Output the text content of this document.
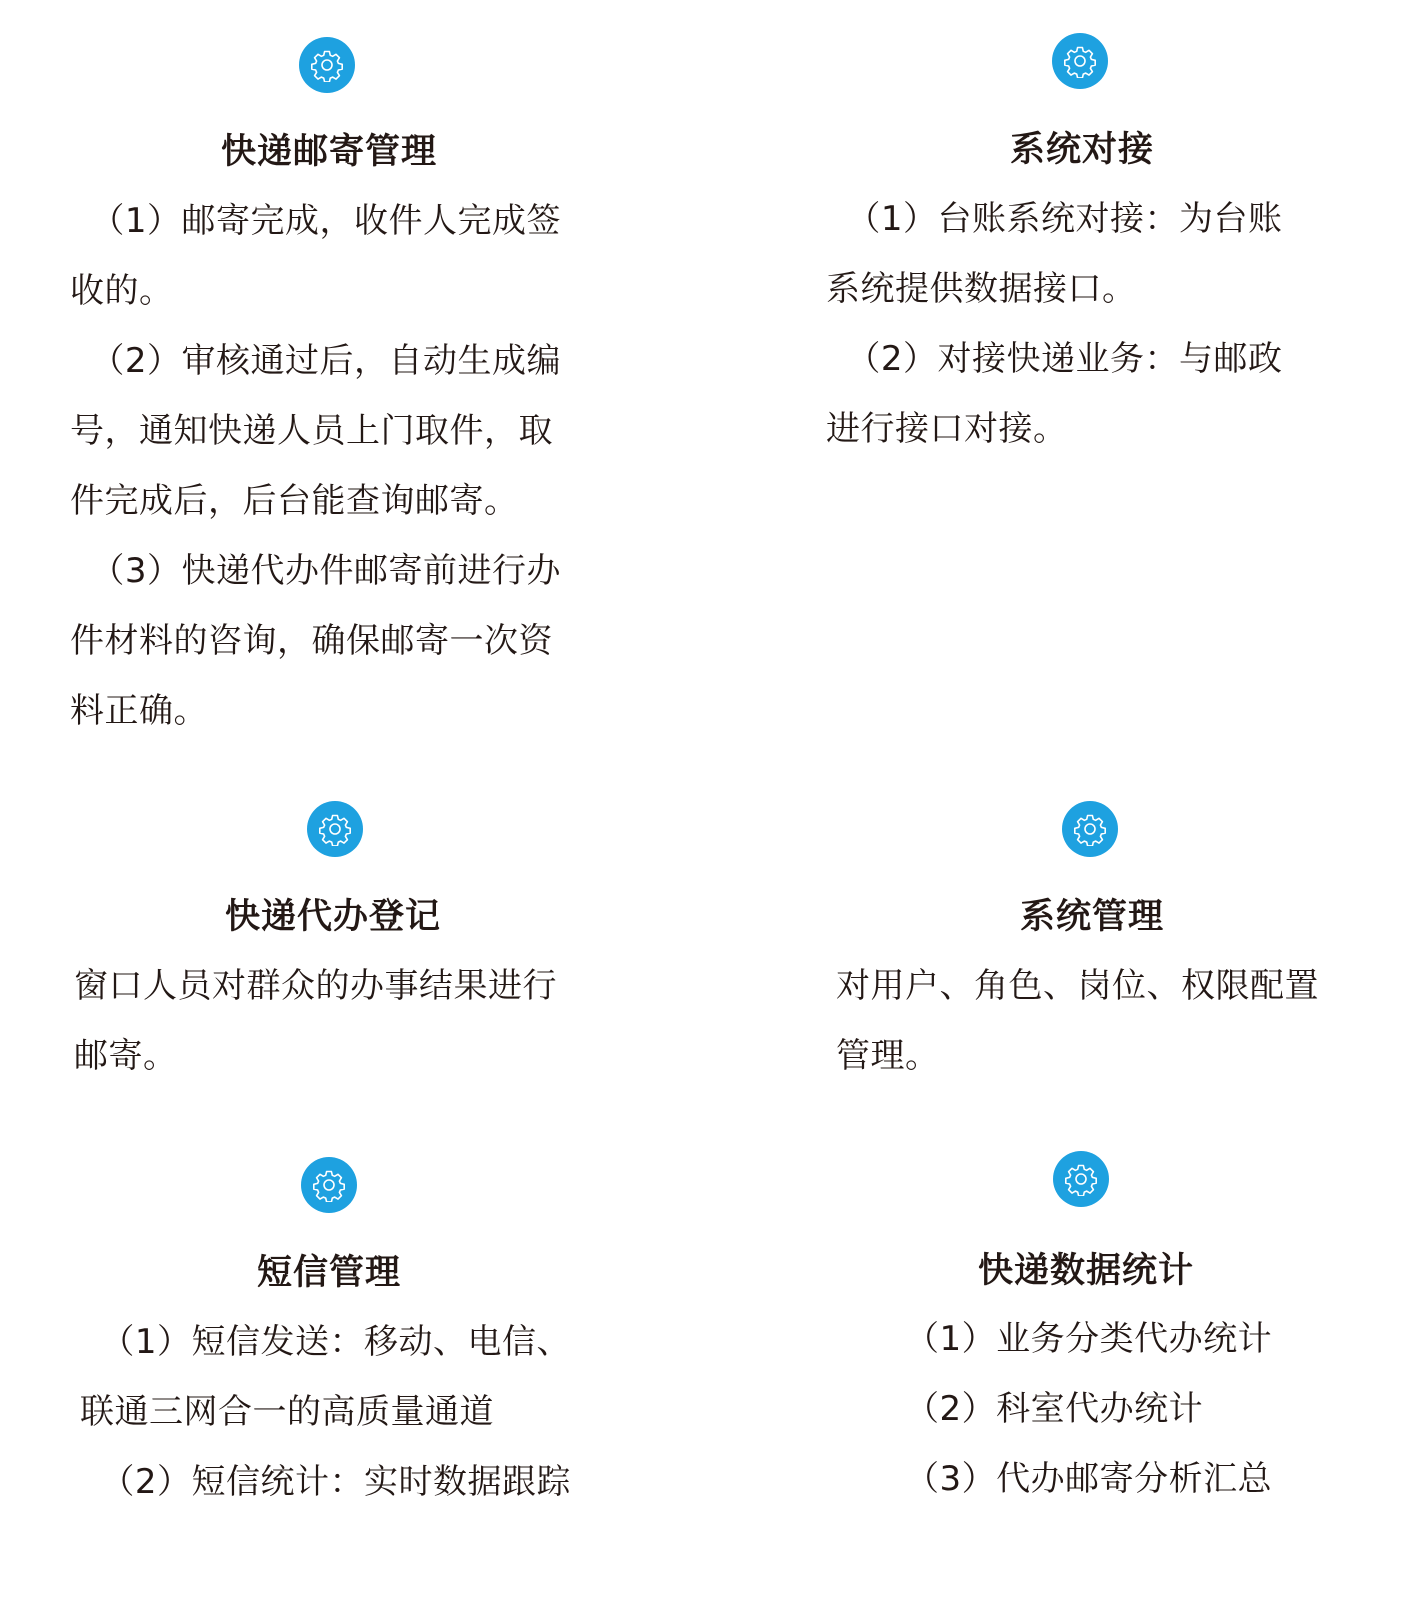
快递邮寄管理

（1）邮寄完成，收件人完成签收的。

（2）审核通过后，自动生成编号，通知快递人员上门取件，取件完成后，后台能查询邮寄。

（3）快递代办件邮寄前进行办件材料的咨询，确保邮寄一次资料正确。

系统对接

（1）台账系统对接：为台账系统提供数据接口。

（2）对接快递业务：与邮政进行接口对接。

快递代办登记

窗口人员对群众的办事结果进行邮寄。

系统管理

对用户、角色、岗位、权限配置管理。

短信管理

（1）短信发送：移动、电信、

联通三网合一的高质量通道

（2）短信统计：实时数据跟踪

快递数据统计

（1）业务分类代办统计

（2）科室代办统计

（3）代办邮寄分析汇总
